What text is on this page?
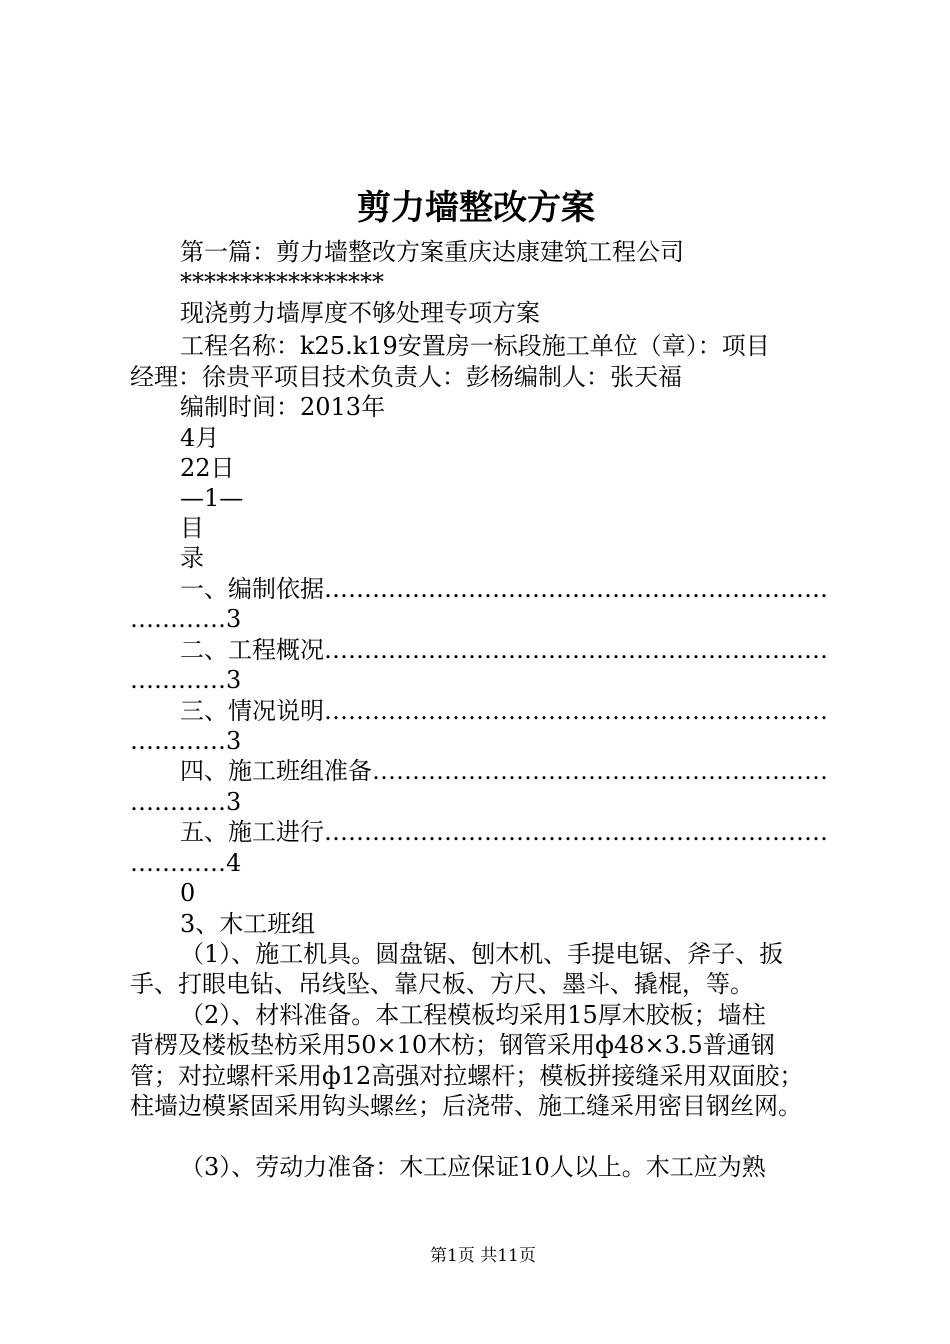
剪力墙整改方案
第一篇：剪力墙整改方案重庆达康建筑工程公司
*****************
现浇剪力墙厚度不够处理专项方案
工程名称：k25.k19安置房一标段施工单位（章）：项目
经理：徐贵平项目技术负责人：彭杨编制人：张天福
编制时间：2013年
4月
22日
—1—
目
录
一、编制依据………………………………………………………
…………3
二、工程概况………………………………………………………
…………3
三、情况说明………………………………………………………
…………3
四、施工班组准备…………………………………………………
…………3
五、施工进行………………………………………………………
…………4
0
3、木工班组
（1）、施工机具。圆盘锯、刨木机、手提电锯、斧子、扳
手、打眼电钻、吊线坠、靠尺板、方尺、墨斗、撬棍，等。
（2）、材料准备。本工程模板均采用15厚木胶板；墙柱
背楞及楼板垫枋采用50×10木枋；钢管采用ф48×3.5普通钢
管；对拉螺杆采用ф12高强对拉螺杆；模板拼接缝采用双面胶；
柱墙边模紧固采用钩头螺丝；后浇带、施工缝采用密目钢丝网。
（3）、劳动力准备：木工应保证10人以上。木工应为熟
第1页 共11页
